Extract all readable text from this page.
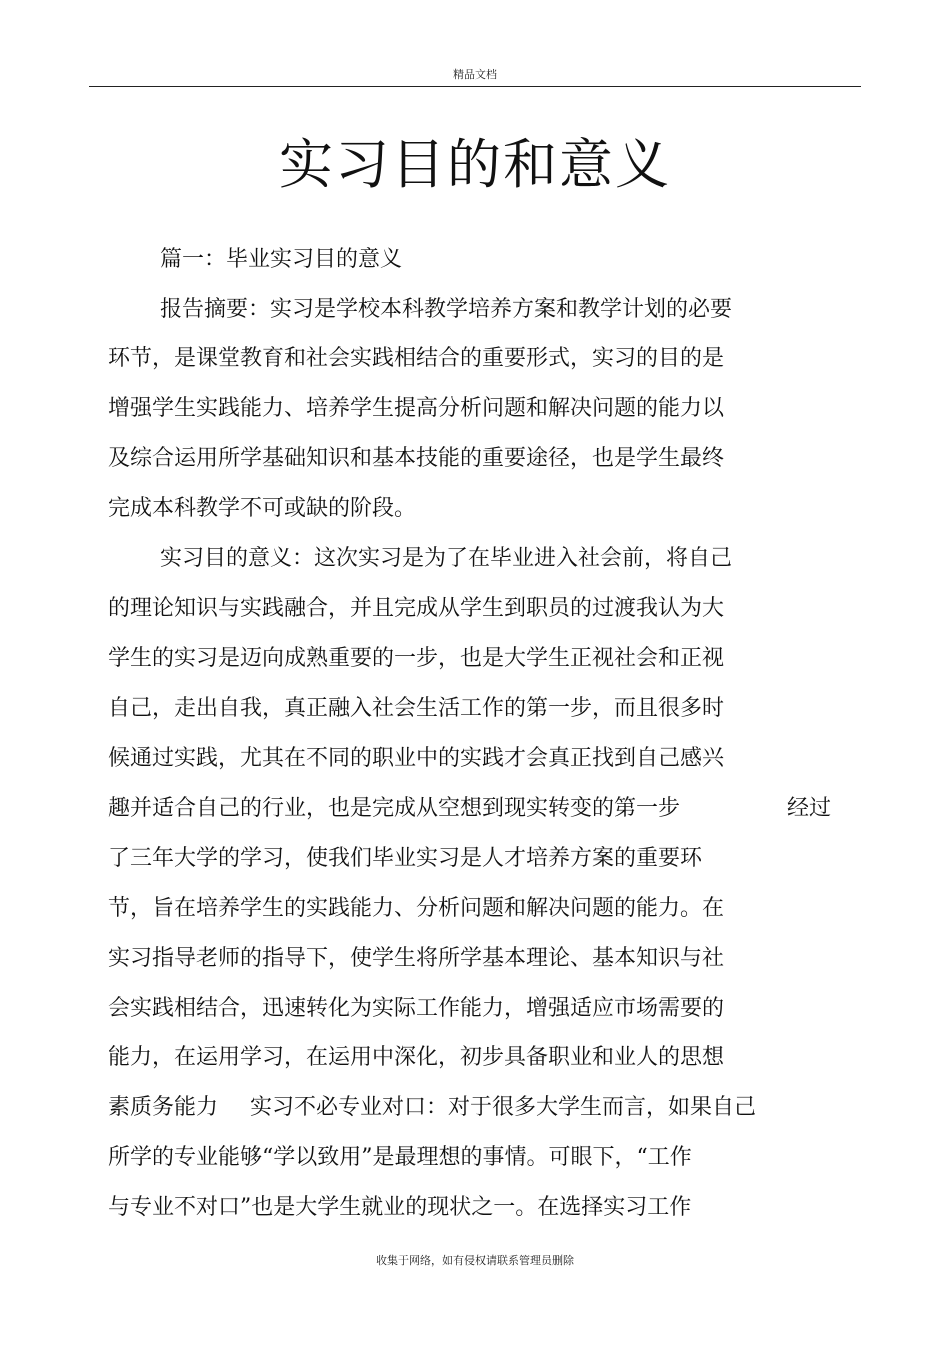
精品文档
实习目的和意义
篇一：毕业实习目的意义
报告摘要：实习是学校本科教学培养方案和教学计划的必要
环节，是课堂教育和社会实践相结合的重要形式，实习的目的是
增强学生实践能力、培养学生提高分析问题和解决问题的能力以
及综合运用所学基础知识和基本技能的重要途径，也是学生最终
完成本科教学不可或缺的阶段。
实习目的意义：这次实习是为了在毕业进入社会前，将自己
的理论知识与实践融合，并且完成从学生到职员的过渡我认为大
学生的实习是迈向成熟重要的一步，也是大学生正视社会和正视
自己，走出自我，真正融入社会生活工作的第一步，而且很多时
候通过实践，尤其在不同的职业中的实践才会真正找到自己感兴
趣并适合自己的行业，也是完成从空想到现实转变的第一步	经过
了三年大学的学习，使我们毕业实习是人才培养方案的重要环
节，旨在培养学生的实践能力、分析问题和解决问题的能力。在
实习指导老师的指导下，使学生将所学基本理论、基本知识与社
会实践相结合，迅速转化为实际工作能力，增强适应市场需要的
能力，在运用学习，在运用中深化，初步具备职业和业人的思想
素质务能力 实习不必专业对口：对于很多大学生而言，如果自己
所学的专业能够“学以致用”是最理想的事情。可眼下，“工作
与专业不对口”也是大学生就业的现状之一。在选择实习工作
收集于网络，如有侵权请联系管理员删除
